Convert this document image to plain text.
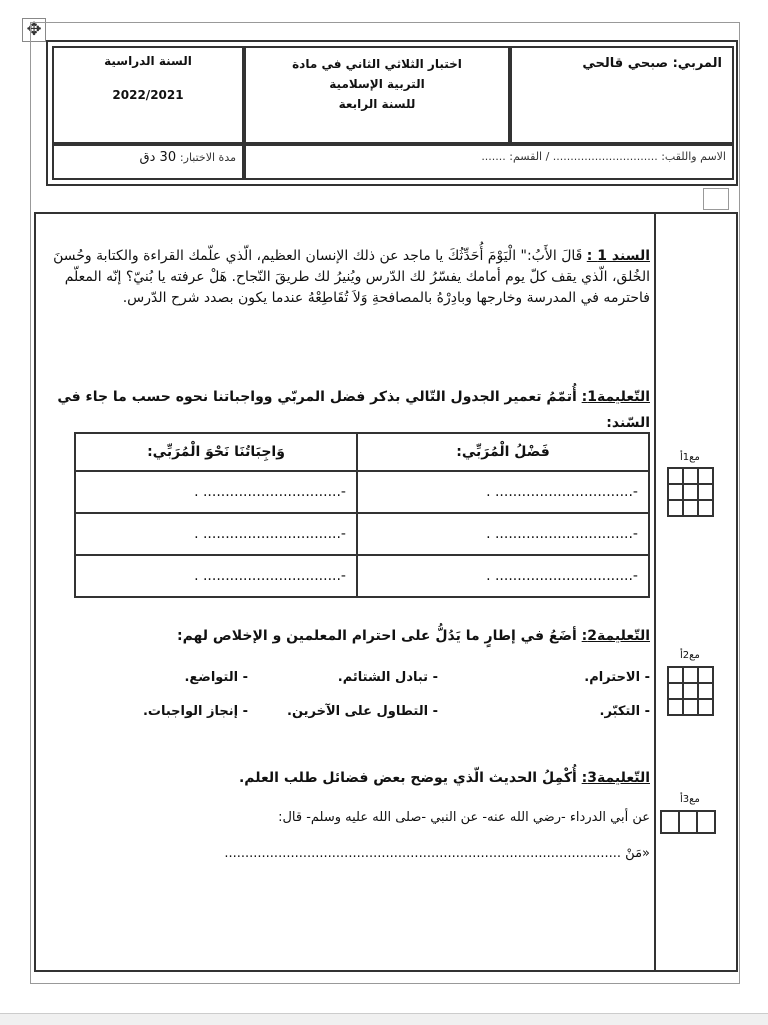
✥
المربي: صبحي قالحي
اختبار الثلاثي الثاني في مادة
التربية الإسلامية
للسنة الرابعة
السنة الدراسية
2022/2021
الاسم واللقب: .............................. / القسم: .......
مدة الاختبار: 30 دق
السند 1 : قَالَ الأَبُ:" الْيَوْمَ أُحَدِّثُكَ يا ماجد عن ذلك الإنسان العظيم، الّذي علّمك القراءة والكتابة وحُسنَ الخُلق، الّذي يقف كلّ يوم أمامك يفسّرُ لك الدّرس ويُنيرُ لك طريقَ النّجاح. هَلْ عرفته يا بُنيّ؟ إنّه المعلّم فاحترمه في المدرسة وخارجها وبادِرْهُ بالمصافحةِ وَلاَ تُقَاطِعْهُ عندما يكون بصدد شرح الدّرس.
التّعليمة1: أُتمّمُ تعمير الجدول التّالي بذكر فضل المربّي وواجباتنا نحوه حسب ما جاء في السّند:
فَضْلُ الْمُرَبِّي:	وَاجِبَاتُنَا نَحْوَ الْمُرَبِّي:
-............................... .	-............................... .
-............................... .	-............................... .
-............................... .	-............................... .
مع1أ

التّعليمة2: أضَعُ في إطارٍ ما يَدُلُّ على احترام المعلمين و الإخلاص لهم:
- الاحترام.
- تبادل الشتائم.
- التواضع.
- التكبّر.
- التطاول على الآخرين.
- إنجاز الواجبات.
مع2أ

التّعليمة3: أُكْمِلُ الحديث الّذي يوضح بعض فضائل طلب العلم.
عن أبي الدرداء -رضي الله عنه- عن النبي -صلى الله عليه وسلم- قال:
«مَنْ ................................................................................................
مع3أ
